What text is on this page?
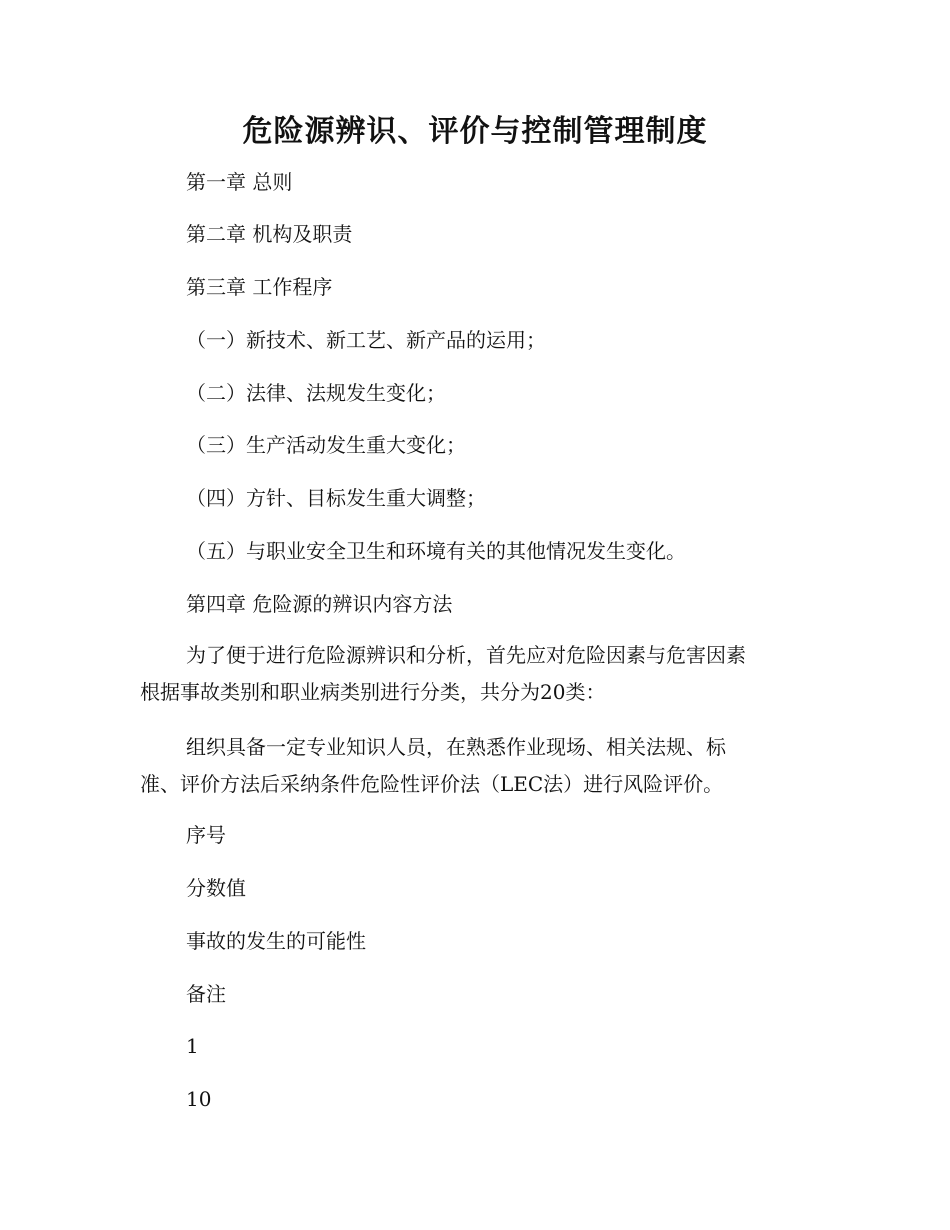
危险源辨识、评价与控制管理制度

第一章 总则

第二章 机构及职责

第三章 工作程序

（一）新技术、新工艺、新产品的运用；

（二）法律、法规发生变化；

（三）生产活动发生重大变化；

（四）方针、目标发生重大调整；

（五）与职业安全卫生和环境有关的其他情况发生变化。

第四章 危险源的辨识内容方法

为了便于进行危险源辨识和分析，首先应对危险因素与危害因素
根据事故类别和职业病类别进行分类，共分为20类：
组织具备一定专业知识人员，在熟悉作业现场、相关法规、标
准、评价方法后采纳条件危险性评价法（LEC法）进行风险评价。

序号

分数值

事故的发生的可能性

备注

1

10
